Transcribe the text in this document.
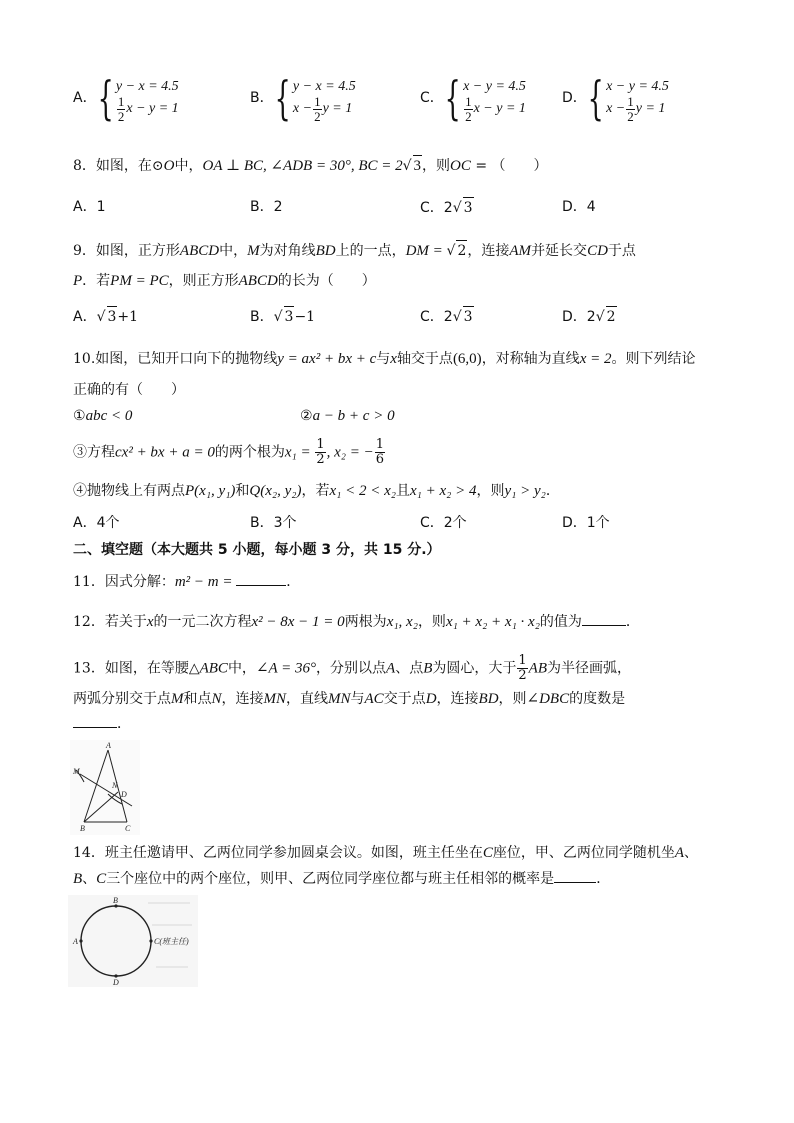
A． { y − x = 4.5
$\frac{1}{2}$ x − y = 1
B． { y − x = 4.5
$x - \frac{1}{2}$ y = 1
C． { x − y = 4.5
$\frac{1}{2}$ x − y = 1
D． { x − y = 4.5
$x - \frac{1}{2}$ y = 1
8．如图，在⊙O中，OA ⊥ BC, ∠ADB = 30°, BC = 2√ 3，则OC = （　　）
A．1	B．2	C．2√ 3	D．4
9．如图，正方形ABCD中，M为对角线BD上的一点，DM = √ 2，连接AM并延长交CD于点
P．若PM = PC，则正方形ABCD的长为（　　）
A．√ 3+1	B．√ 3−1	C．2√ 3	D．2√ 2
10.如图，已知开口向下的抛物线y = ax² + bx + c与x轴交于点(6,0)，对称轴为直线x = 2。则下列结论
正确的有（　　）
①abc < 0	②a − b + c > 0
③方程cx² + bx + a = 0的两个根为$x_1 = \frac{1}{2}$ , x₂ = − $\frac{1}{6}$
④抛物线上有两点P(x₁, y₁)和Q(x₂, y₂)，若x₁ < 2 < x₂且x₁ + x₂ > 4，则y₁ > y₂．
A．4个	B．3个	C．2个	D．1个
二、填空题（本大题共 5 小题，每小题 3 分，共 15 分.）
11．因式分解：m² − m =	．
12．若关于x的一元二次方程x² − 8x − 1 = 0两根为x₁, x₂，则x₁ + x₂ + x₁ · x₂的值为	．
13．如图，在等腰△ABC中，∠A = 36°，分别以点A、点B为圆心，大于 $\frac{1}{2}$ AB为半径画弧，
两弧分别交于点M和点N，连接MN，直线MN与AC交于点D，连接BD，则∠DBC的度数是
．
A
M
N
D
B	C
14．班主任邀请甲、乙两位同学参加圆桌会议。如图，班主任坐在C座位，甲、乙两位同学随机坐A、
B、C三个座位中的两个座位，则甲、乙两位同学座位都与班主任相邻的概率是	．
B
A	C(班主任)
D
